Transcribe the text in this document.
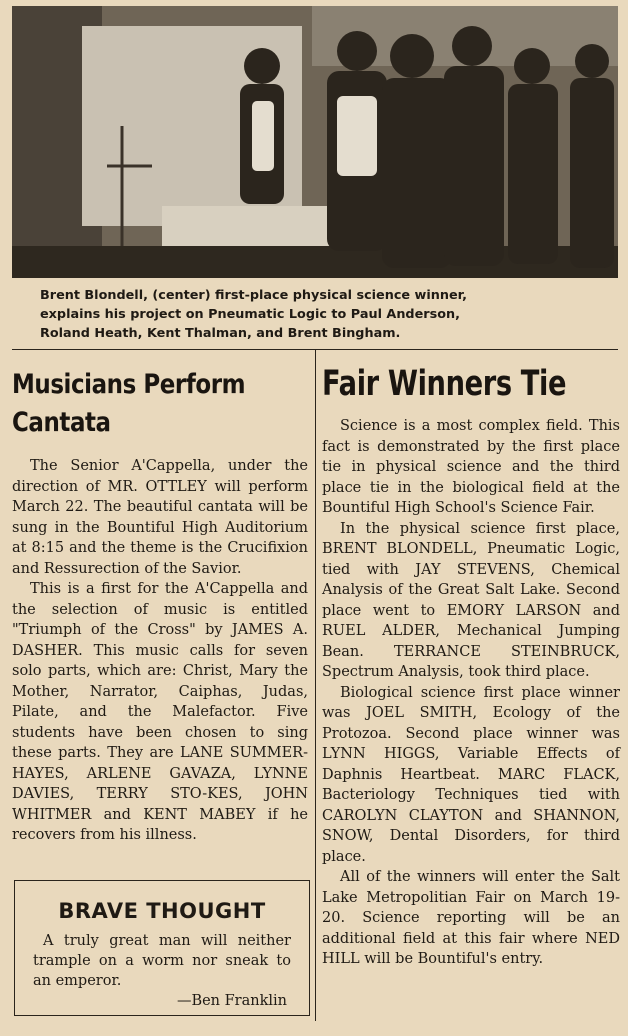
Brent Blondell, (center) first-place physical science winner,
explains his project on Pneumatic Logic to Paul Anderson,
Roland Heath, Kent Thalman, and Brent Bingham.
Musicians Perform
Cantata

The Senior A'Cappella, under the direction of MR. OTTLEY will perform March 22. The beautiful cantata will be sung in the Bountiful High Auditorium at 8:15 and the theme is the Crucifixion and Ressurection of the Savior.

This is a first for the A'Cappella and the selection of music is entitled "Triumph of the Cross" by JAMES A. DASHER. This music calls for seven solo parts, which are: Christ, Mary the Mother, Narrator, Caiphas, Judas, Pilate, and the Malefactor. Five students have been chosen to sing these parts. They are LANE SUMMER-HAYES, ARLENE GAVAZA, LYNNE DAVIES, TERRY STO-KES, JOHN WHITMER and KENT MABEY if he recovers from his illness.

BRAVE THOUGHT
A truly great man will neither trample on a worm nor sneak to an emperor.
—Ben Franklin
Fair Winners Tie

Science is a most complex field. This fact is demonstrated by the first place tie in physical science and the third place tie in the biological field at the Bountiful High School's Science Fair.

In the physical science first place, BRENT BLONDELL, Pneumatic Logic, tied with JAY STEVENS, Chemical Analysis of the Great Salt Lake. Second place went to EMORY LARSON and RUEL ALDER, Mechanical Jumping Bean. TERRANCE STEINBRUCK, Spectrum Analysis, took third place.

Biological science first place winner was JOEL SMITH, Ecology of the Protozoa. Second place winner was LYNN HIGGS, Variable Effects of Daphnis Heartbeat. MARC FLACK, Bacteriology Techniques tied with CAROLYN CLAYTON and SHANNON, SNOW, Dental Disorders, for third place.

All of the winners will enter the Salt Lake Metropolitian Fair on March 19-20. Science reporting will be an additional field at this fair where NED HILL will be Bountiful's entry.
